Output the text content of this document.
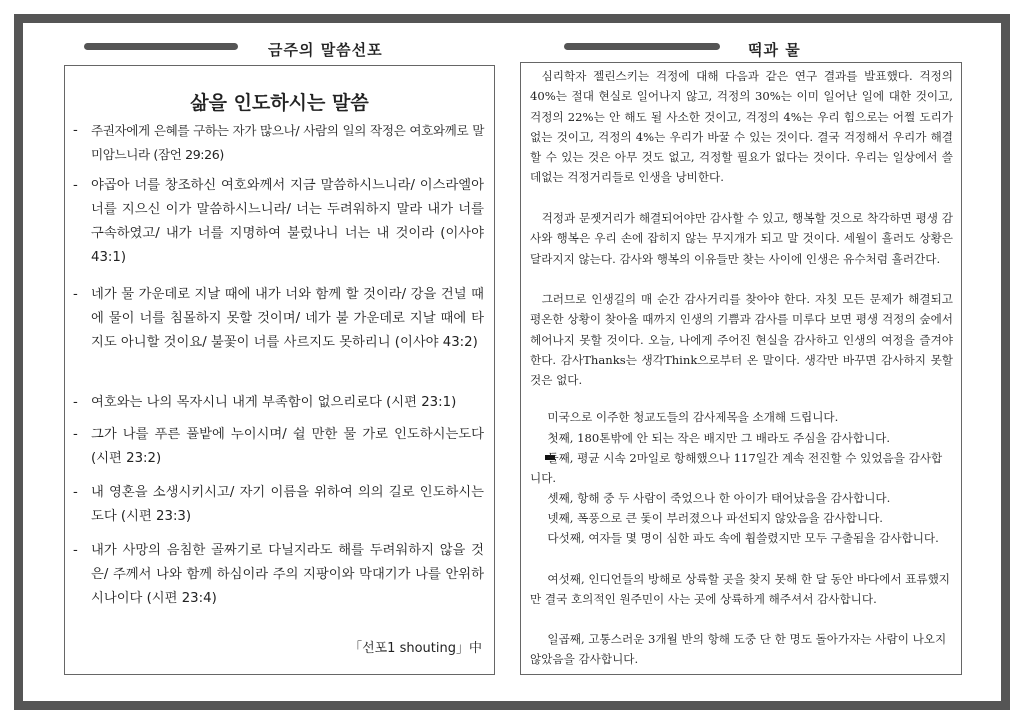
금주의 말씀선포	떡과 물
삶을 인도하시는 말씀
-	주권자에게 은혜를 구하는 자가 많으나/ 사람의 일의 작정은 여호와께로 말미암느니라 (잠언 29:26)
- 야곱아 너를 창조하신 여호와께서 지금 말씀하시느니라/ 이스라엘아 너를 지으신 이가 말씀하시느니라/ 너는 두려워하지 말라 내가 너를 구속하였고/ 내가 너를 지명하여 불렀나니 너는 내 것이라 (이사야 43:1)
- 네가 물 가운데로 지날 때에 내가 너와 함께 할 것이라/ 강을 건널 때에 물이 너를 침몰하지 못할 것이며/ 네가 불 가운데로 지날 때에 타지도 아니할 것이요/ 불꽃이 너를 사르지도 못하리니 (이사야 43:2)
- 여호와는 나의 목자시니 내게 부족함이 없으리로다 (시편 23:1)
- 그가 나를 푸른 풀밭에 누이시며/ 쉴 만한 물 가로 인도하시는도다 (시편 23:2)
- 내 영혼을 소생시키시고/ 자기 이름을 위하여 의의 길로 인도하시는도다 (시편 23:3)
- 내가 사망의 음침한 골짜기로 다닐지라도 해를 두려워하지 않을 것은/ 주께서 나와 함께 하심이라 주의 지팡이와 막대기가 나를 안위하시나이다 (시편 23:4)
「선포1 shouting」中

심리학자 젤린스키는 걱정에 대해 다음과 같은 연구 결과를 발표했다. 걱정의 40%는 절대 현실로 일어나지 않고, 걱정의 30%는 이미 일어난 일에 대한 것이고, 걱정의 22%는 안 해도 될 사소한 것이고, 걱정의 4%는 우리 힘으로는 어쩔 도리가 없는 것이고, 걱정의 4%는 우리가 바꿀 수 있는 것이다. 결국 걱정해서 우리가 해결할 수 있는 것은 아무 것도 없고, 걱정할 필요가 없다는 것이다. 우리는 일상에서 쓸데없는 걱정거리들로 인생을 낭비한다.

걱정과 문젯거리가 해결되어야만 감사할 수 있고, 행복할 것으로 착각하면 평생 감사와 행복은 우리 손에 잡히지 않는 무지개가 되고 말 것이다. 세월이 흘러도 상황은 달라지지 않는다. 감사와 행복의 이유들만 찾는 사이에 인생은 유수처럼 흘러간다.

그러므로 인생길의 매 순간 감사거리를 찾아야 한다. 자칫 모든 문제가 해결되고 평온한 상황이 찾아올 때까지 인생의 기쁨과 감사를 미루다 보면 평생 걱정의 숲에서 헤어나지 못할 것이다. 오늘, 나에게 주어진 현실을 감사하고 인생의 여정을 즐겨야 한다. 감사Thanks는 생각Think으로부터 온 말이다. 생각만 바꾸면 감사하지 못할 것은 없다.

미국으로 이주한 청교도들의 감사제목을 소개해 드립니다.

첫째, 180톤밖에 안 되는 작은 배지만 그 배라도 주심을 감사합니다.

둘째, 평균 시속 2마일로 항해했으나 117일간 계속 전진할 수 있었음을 감사합니다.

셋째, 항해 중 두 사람이 죽었으나 한 아이가 태어났음을 감사합니다.

넷째, 폭풍으로 큰 돛이 부러졌으나 파선되지 않았음을 감사합니다.

다섯째, 여자들 몇 명이 심한 파도 속에 휩쓸렸지만 모두 구출됨을 감사합니다.

여섯째, 인디언들의 방해로 상륙할 곳을 찾지 못해 한 달 동안 바다에서 표류했지만 결국 호의적인 원주민이 사는 곳에 상륙하게 해주셔서 감사합니다.

일곱째, 고통스러운 3개월 반의 항해 도중 단 한 명도 돌아가자는 사람이 나오지 않았음을 감사합니다.
